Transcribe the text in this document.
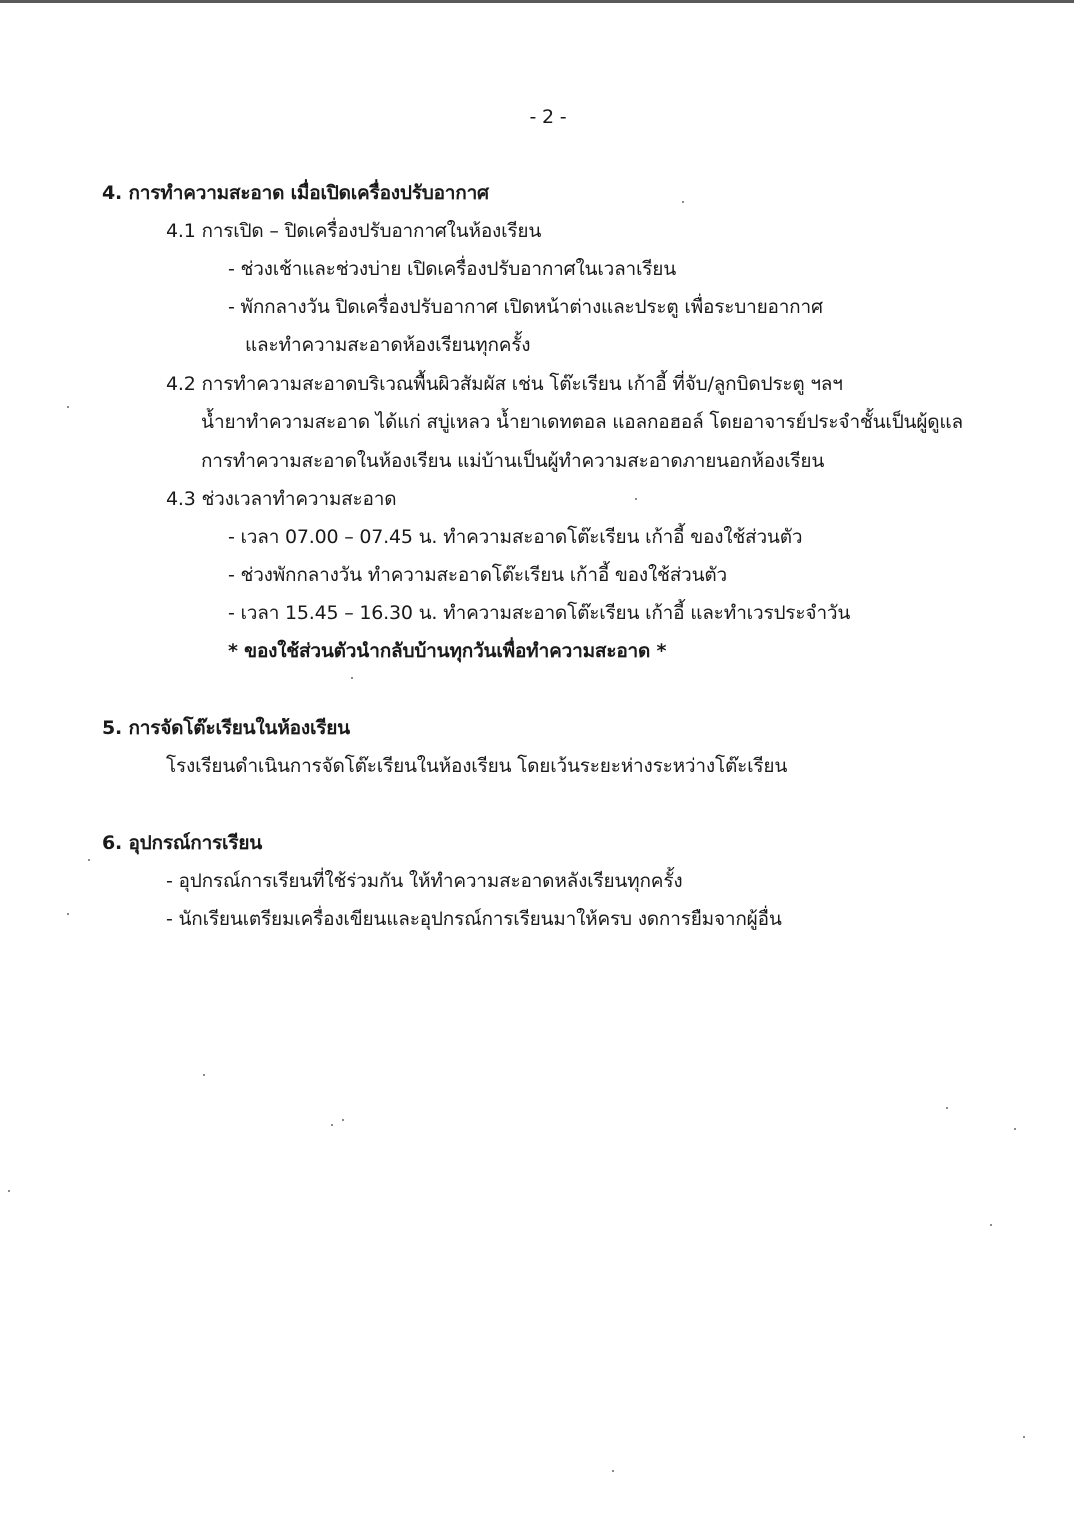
- 2 -
4. การทำความสะอาด เมื่อเปิดเครื่องปรับอากาศ
4.1 การเปิด – ปิดเครื่องปรับอากาศในห้องเรียน
- ช่วงเช้าและช่วงบ่าย เปิดเครื่องปรับอากาศในเวลาเรียน
- พักกลางวัน ปิดเครื่องปรับอากาศ เปิดหน้าต่างและประตู เพื่อระบายอากาศ
และทำความสะอาดห้องเรียนทุกครั้ง
4.2 การทำความสะอาดบริเวณพื้นผิวสัมผัส เช่น โต๊ะเรียน เก้าอี้ ที่จับ/ลูกบิดประตู ฯลฯ
น้ำยาทำความสะอาด ได้แก่ สบู่เหลว น้ำยาเดทตอล แอลกอฮอล์ โดยอาจารย์ประจำชั้นเป็นผู้ดูแล
การทำความสะอาดในห้องเรียน แม่บ้านเป็นผู้ทำความสะอาดภายนอกห้องเรียน
4.3 ช่วงเวลาทำความสะอาด
- เวลา 07.00 – 07.45 น. ทำความสะอาดโต๊ะเรียน เก้าอี้ ของใช้ส่วนตัว
- ช่วงพักกลางวัน ทำความสะอาดโต๊ะเรียน เก้าอี้ ของใช้ส่วนตัว
- เวลา 15.45 – 16.30 น. ทำความสะอาดโต๊ะเรียน เก้าอี้ และทำเวรประจำวัน
* ของใช้ส่วนตัวนำกลับบ้านทุกวันเพื่อทำความสะอาด *
5. การจัดโต๊ะเรียนในห้องเรียน
โรงเรียนดำเนินการจัดโต๊ะเรียนในห้องเรียน โดยเว้นระยะห่างระหว่างโต๊ะเรียน
6. อุปกรณ์การเรียน
- อุปกรณ์การเรียนที่ใช้ร่วมกัน ให้ทำความสะอาดหลังเรียนทุกครั้ง
- นักเรียนเตรียมเครื่องเขียนและอุปกรณ์การเรียนมาให้ครบ งดการยืมจากผู้อื่น
